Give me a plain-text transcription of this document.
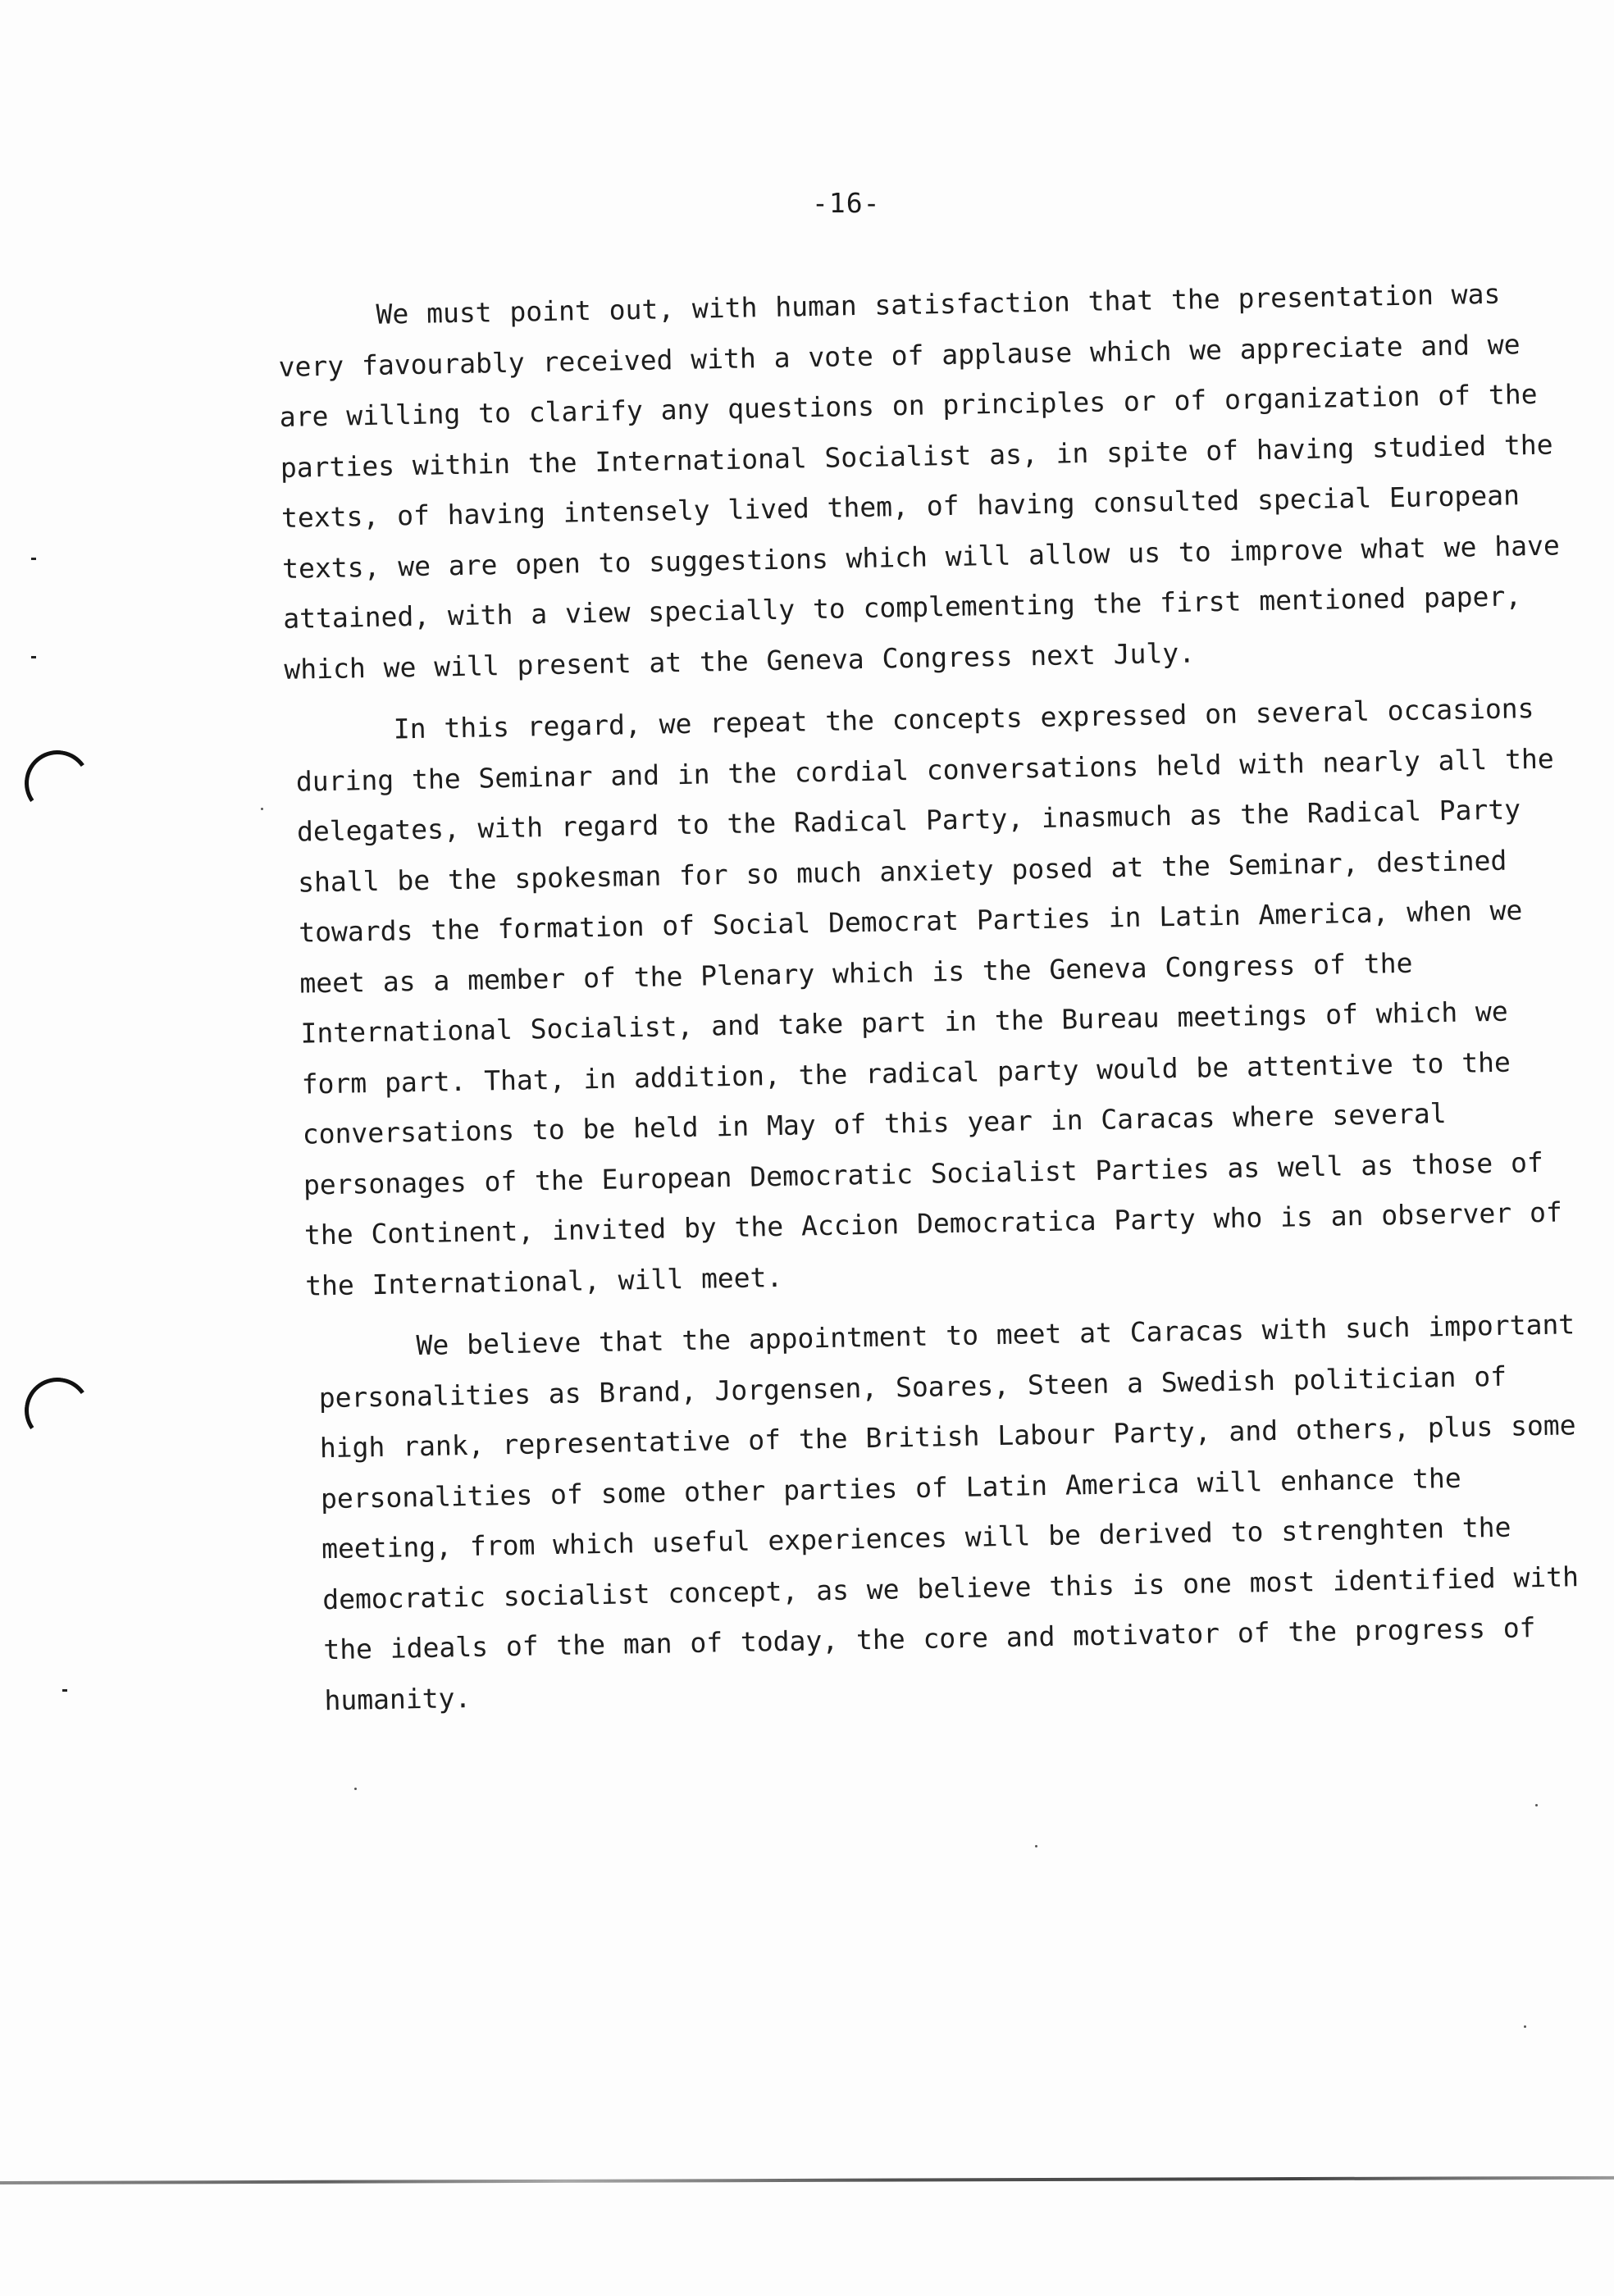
-16-

We must point out, with human satisfaction that the presentation was very favourably received with a vote of applause which we appreciate and we are willing to clarify any questions on principles or of organization of the parties within the International Socialist as, in spite of having studied the texts, of having intensely lived them, of having consulted special European texts, we are open to suggestions which will allow us to improve what we have attained, with a view specially to complementing the first mentioned paper, which we will present at the Geneva Congress next July.

In this regard, we repeat the concepts expressed on several occasions during the Seminar and in the cordial conversations held with nearly all the delegates, with regard to the Radical Party, inasmuch as the Radical Party shall be the spokesman for so much anxiety posed at the Seminar, destined towards the formation of Social Democrat Parties in Latin America, when we meet as a member of the Plenary which is the Geneva Congress of the International Socialist, and take part in the Bureau meetings of which we form part. That, in addition, the radical party would be attentive to the conversations to be held in May of this year in Caracas where several personages of the European Democratic Socialist Parties as well as those of the Continent, invited by the Accion Democratica Party who is an observer of the International, will meet.

We believe that the appointment to meet at Caracas with such important personalities as Brand, Jorgensen, Soares, Steen a Swedish politician of high rank, representative of the British Labour Party, and others, plus some personalities of some other parties of Latin America will enhance the meeting, from which useful experiences will be derived to strenghten the democratic socialist concept, as we believe this is one most identified with the ideals of the man of today, the core and motivator of the progress of humanity.
